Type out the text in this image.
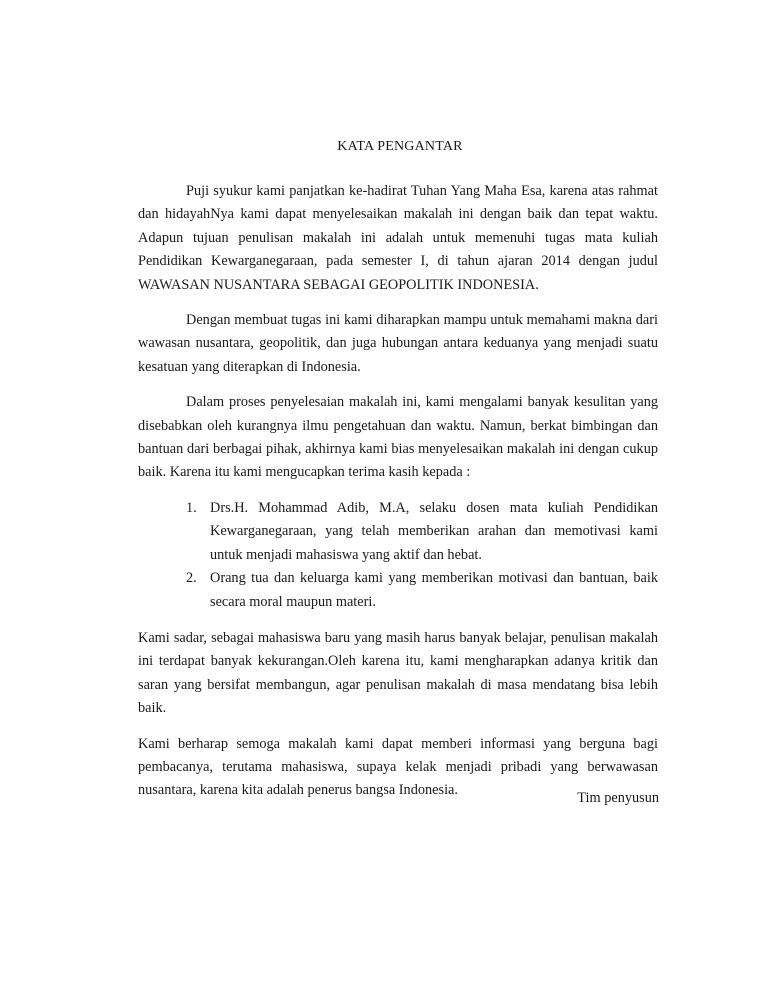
KATA PENGANTAR

Puji syukur kami panjatkan ke-hadirat Tuhan Yang Maha Esa, karena atas rahmat dan hidayahNya kami dapat menyelesaikan makalah ini dengan baik dan tepat waktu. Adapun tujuan penulisan makalah ini adalah untuk memenuhi tugas mata kuliah Pendidikan Kewarganegaraan, pada semester I, di tahun ajaran 2014 dengan judul WAWASAN NUSANTARA SEBAGAI GEOPOLITIK INDONESIA.

Dengan membuat tugas ini kami diharapkan mampu untuk memahami makna dari wawasan nusantara, geopolitik, dan juga hubungan antara keduanya yang menjadi suatu kesatuan yang diterapkan di Indonesia.

Dalam proses penyelesaian makalah ini, kami mengalami banyak kesulitan yang disebabkan oleh kurangnya ilmu pengetahuan dan waktu. Namun, berkat bimbingan dan bantuan dari berbagai pihak, akhirnya kami bias menyelesaikan makalah ini dengan cukup baik. Karena itu kami mengucapkan terima kasih kepada :

1. Drs.H. Mohammad Adib, M.A, selaku dosen mata kuliah Pendidikan Kewarganegaraan, yang telah memberikan arahan dan memotivasi kami untuk menjadi mahasiswa yang aktif dan hebat.
2. Orang tua dan keluarga kami yang memberikan motivasi dan bantuan, baik secara moral maupun materi.

Kami sadar, sebagai mahasiswa baru yang masih harus banyak belajar, penulisan makalah ini terdapat banyak kekurangan.Oleh karena itu, kami mengharapkan adanya kritik dan saran yang bersifat membangun, agar penulisan makalah di masa mendatang bisa lebih baik.

Kami berharap semoga makalah kami dapat memberi informasi yang berguna bagi pembacanya, terutama mahasiswa, supaya kelak menjadi pribadi yang berwawasan nusantara, karena kita adalah penerus bangsa Indonesia.	Tim penyusun
